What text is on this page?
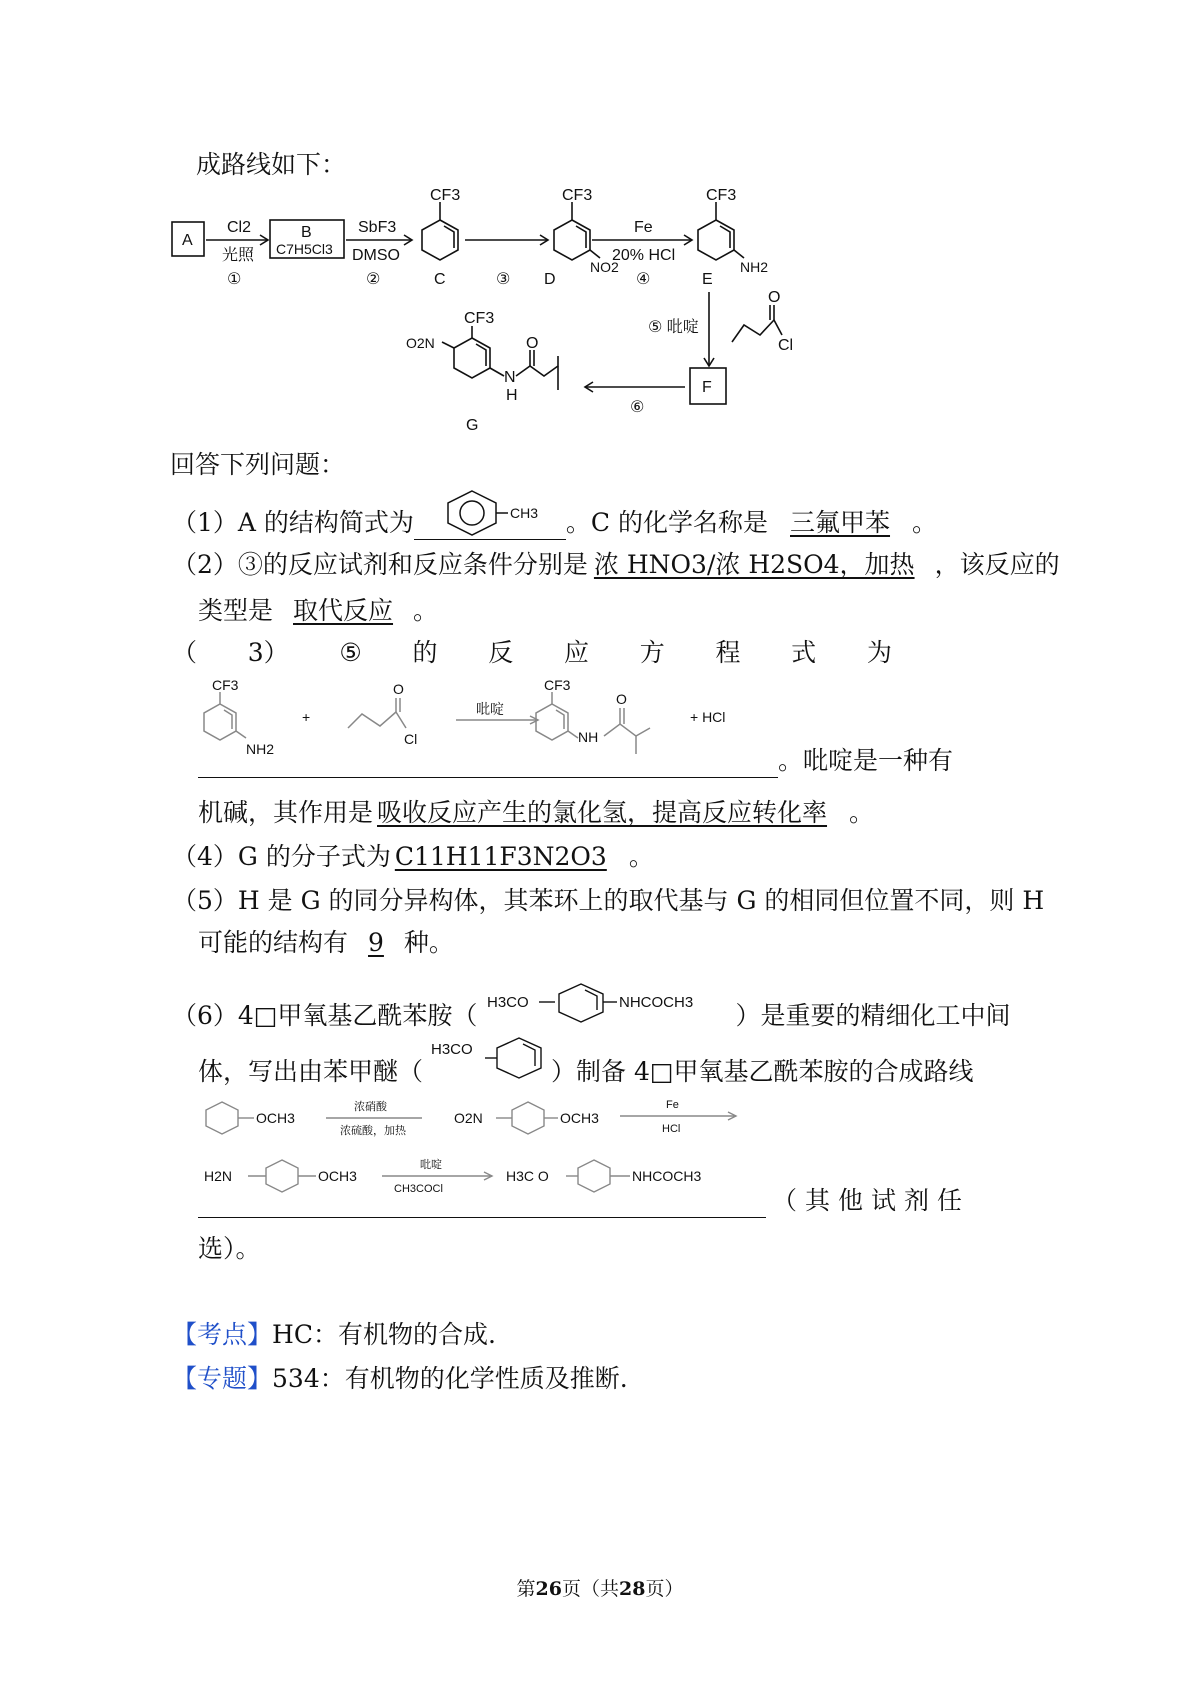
成路线如下：
A
Cl2
光照
①
B
C7H5Cl3
SbF3
DMSO
②
CF3
C	③
CF3
NO2
D
Fe
20% HCl
④
CF3
NH2
E
⑤ 吡啶
O
Cl
F
⑥
CF3
O2N
N
H
O
G
回答下列问题：
（1）A 的结构简式为	CH3 。C 的化学名称是 三氟甲苯 。
（2）③的反应试剂和反应条件分别是 浓 HNO3/浓 H2SO4，加热 ，该反应的
类型是 取代反应 。
（ 3） ⑤ 的 反 应 方 程 式 为
CF3
NH2
+
O
Cl
吡啶
CF3
NH
O
+ HCl
。吡啶是一种有
机碱，其作用是 吸收反应产生的氯化氢，提高反应转化率 。
（4）G 的分子式为 C11H11F3N2O3 。
（5）H 是 G 的同分异构体，其苯环上的取代基与 G 的相同但位置不同，则 H
可能的结构有 9 种。
（6）4□甲氧基乙酰苯胺（ H3CO	NHCOCH3 ）是重要的精细化工中间
体，写出由苯甲醚（
H3CO
）制备 4□甲氧基乙酰苯胺的合成路线
OCH3
浓硝酸
浓硫酸，加热
O2N	OCH3
Fe
HCl
H2N	OCH3
吡啶
CH3COCl
H3C O	NHCOCH3
（其他试剂任
选）。
【考点】HC：有机物的合成.
【专题】534：有机物的化学性质及推断.
第26页（共28页）
